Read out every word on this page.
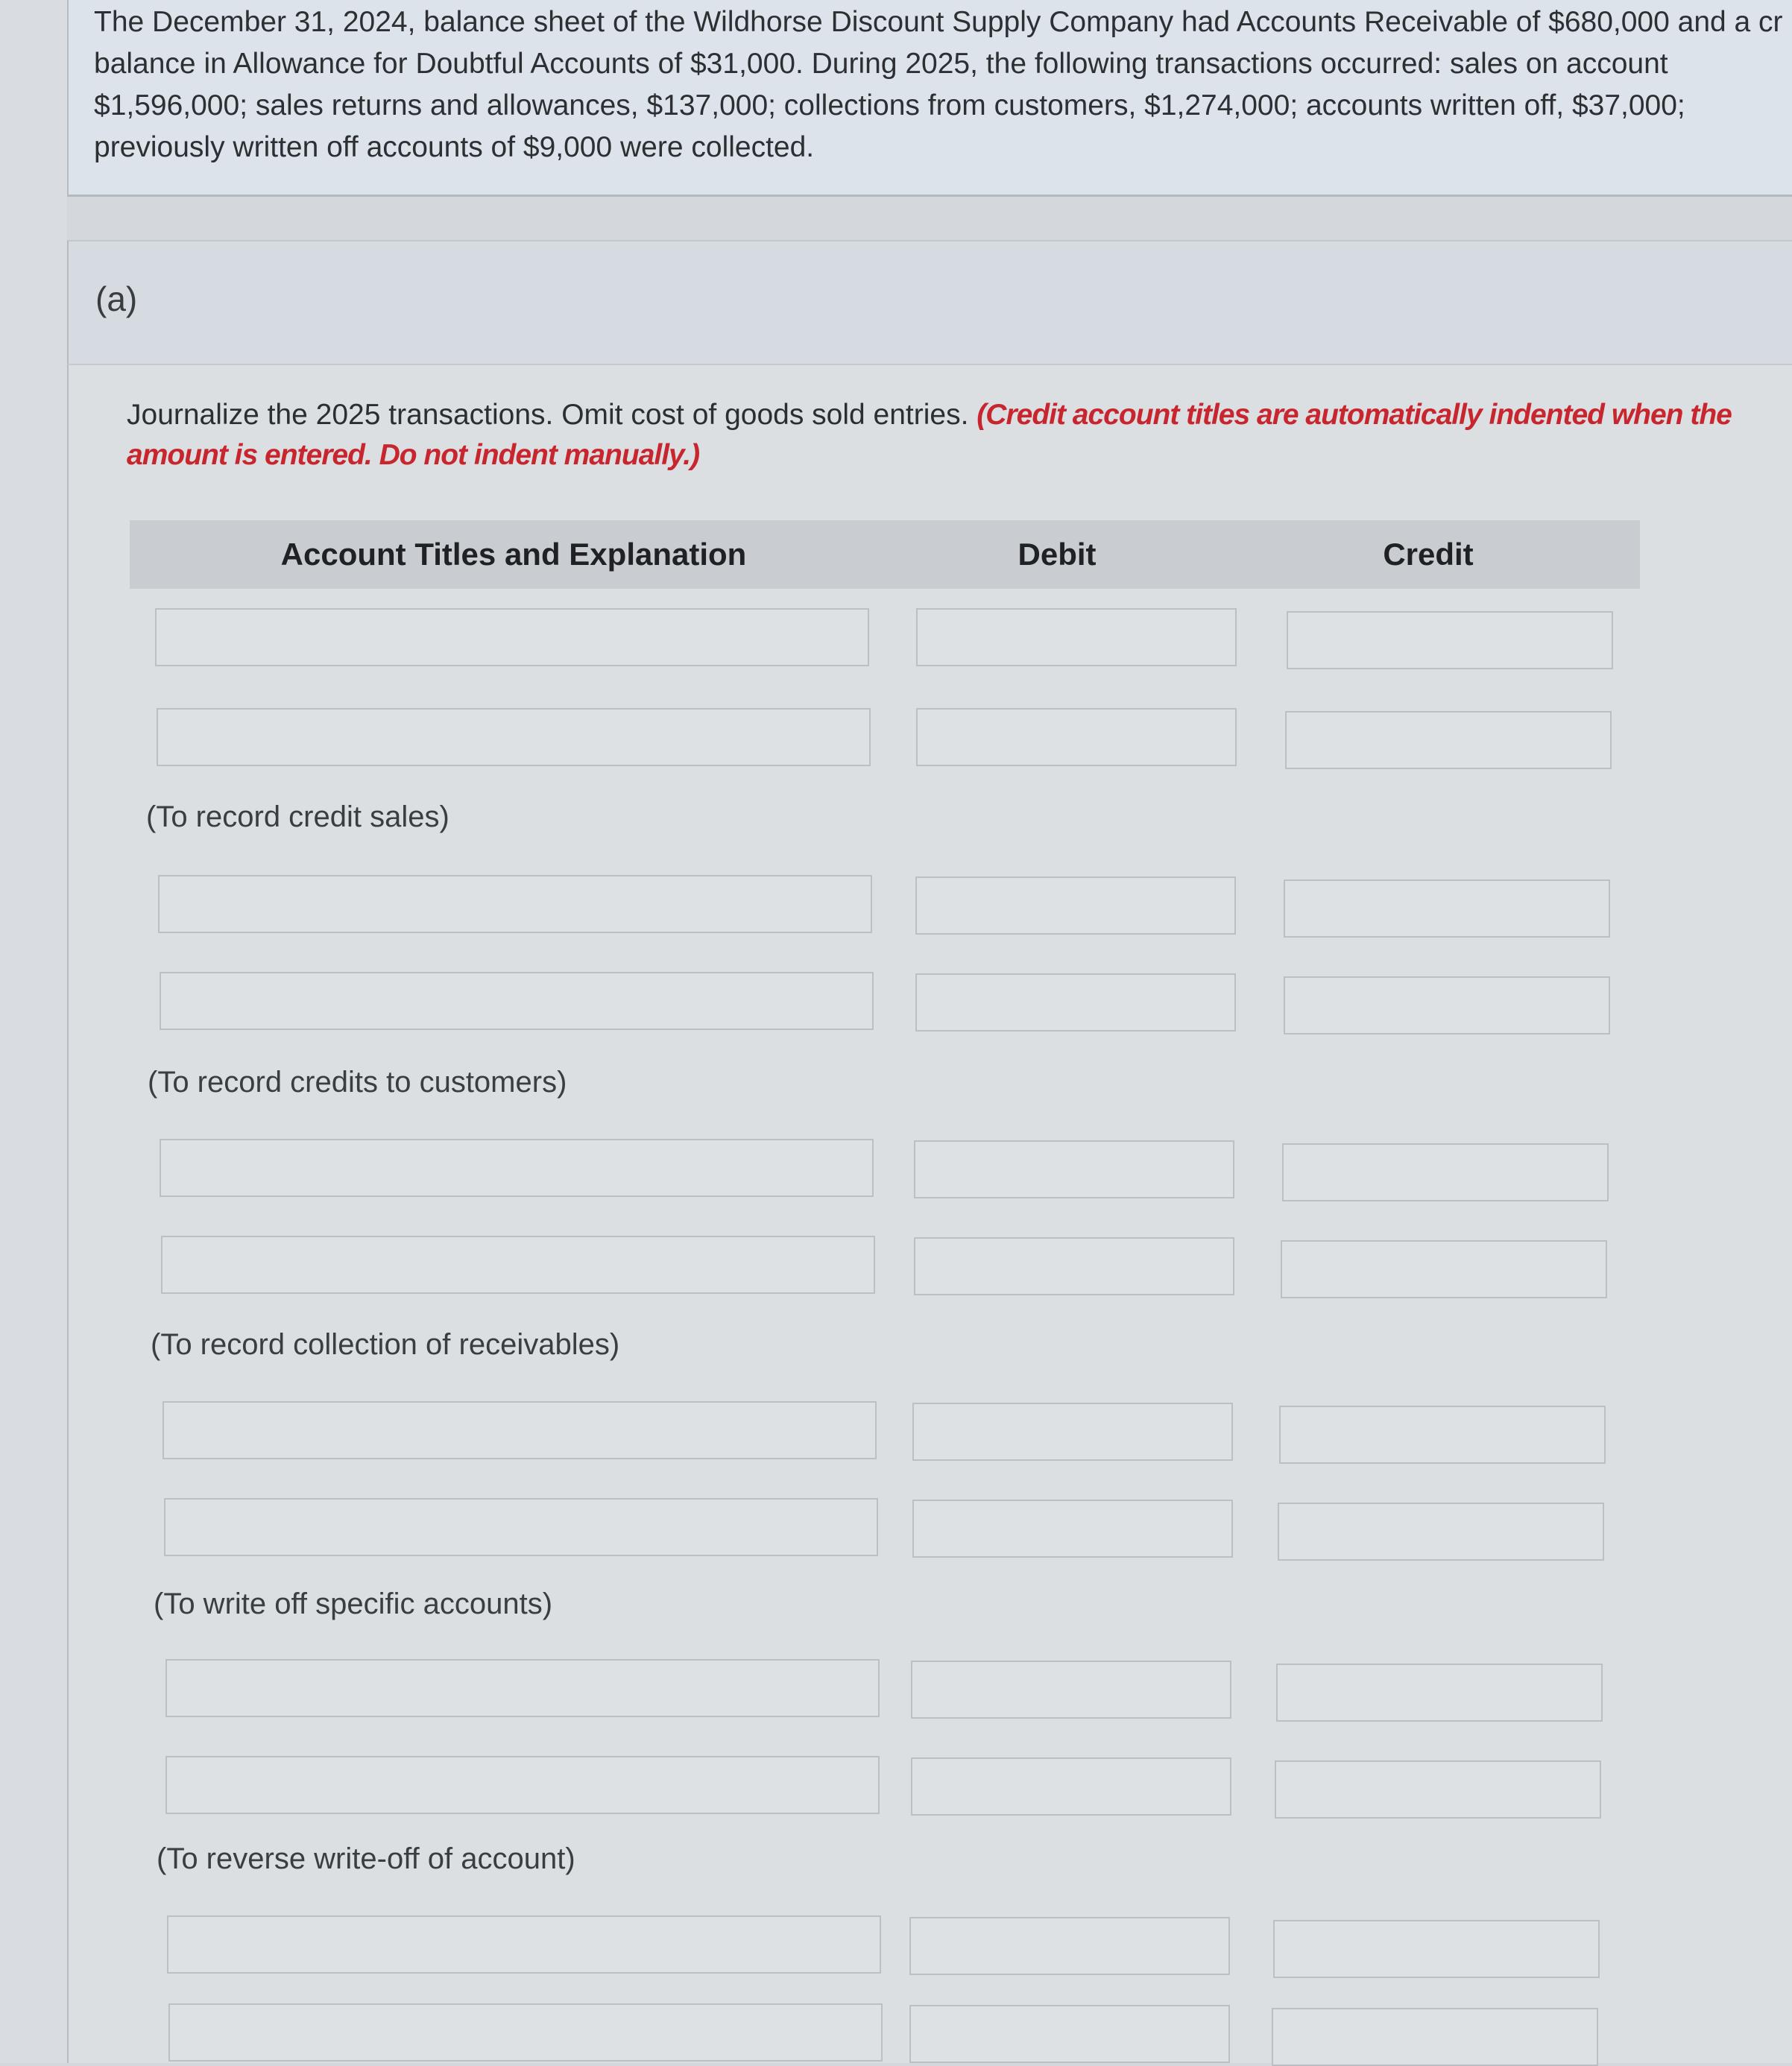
The December 31, 2024, balance sheet of the Wildhorse Discount Supply Company had Accounts Receivable of $680,000 and a cr balance in Allowance for Doubtful Accounts of $31,000. During 2025, the following transactions occurred: sales on account $1,596,000; sales returns and allowances, $137,000; collections from customers, $1,274,000; accounts written off, $37,000; previously written off accounts of $9,000 were collected.

(a)
Journalize the 2025 transactions. Omit cost of goods sold entries. (Credit account titles are automatically indented when the amount is entered. Do not indent manually.)
Account Titles and Explanation	Debit	Credit
(To record credit sales)
(To record credits to customers)
(To record collection of receivables)
(To write off specific accounts)
(To reverse write-off of account)
